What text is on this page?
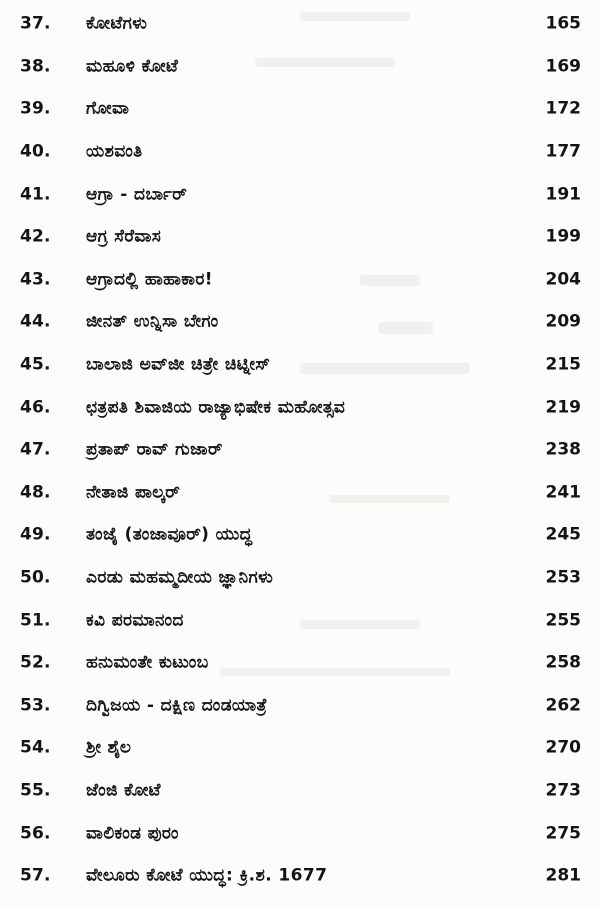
37. ಕೋಟೆಗಳು	165
38. ಮಹೂಳಿ ಕೋಟೆ	169
39. ಗೋವಾ	172
40. ಯಶವಂತಿ	177
41. ಆಗ್ರಾ - ದರ್ಬಾರ್	191
42. ಆಗ್ರ ಸೆರೆವಾಸ	199
43. ಆಗ್ರಾದಲ್ಲಿ ಹಾಹಾಕಾರ!	204
44. ಜೀನತ್ ಉನ್ನಿಸಾ ಬೇಗಂ	209
45. ಬಾಲಾಜಿ ಅವ್‌ಜೀ ಚಿತ್ರೇ ಚಿಟ್ನೀಸ್	215
46. ಛತ್ರಪತಿ ಶಿವಾಜಿಯ ರಾಜ್ಯಾಭಿಷೇಕ ಮಹೋತ್ಸವ	219
47. ಪ್ರತಾಪ್ ರಾವ್ ಗುಜಾರ್	238
48. ನೇತಾಜಿ ಪಾಲ್ಕರ್	241
49. ತಂಜೈ (ತಂಜಾವೂರ್) ಯುದ್ಧ	245
50. ಎರಡು ಮಹಮ್ಮದೀಯ ಜ್ಞಾನಿಗಳು	253
51. ಕವಿ ಪರಮಾನಂದ	255
52. ಹನುಮಂತೇ ಕುಟುಂಬ	258
53. ದಿಗ್ವಿಜಯ - ದಕ್ಷಿಣ ದಂಡಯಾತ್ರೆ	262
54. ಶ್ರೀ ಶೈಲ	270
55. ಜೆಂಜಿ ಕೋಟೆ	273
56. ವಾಲಿಕಂಡ ಪುರಂ	275
57. ವೇಲೂರು ಕೋಟೆ ಯುದ್ಧ: ಕ್ರಿ.ಶ. 1677	281
